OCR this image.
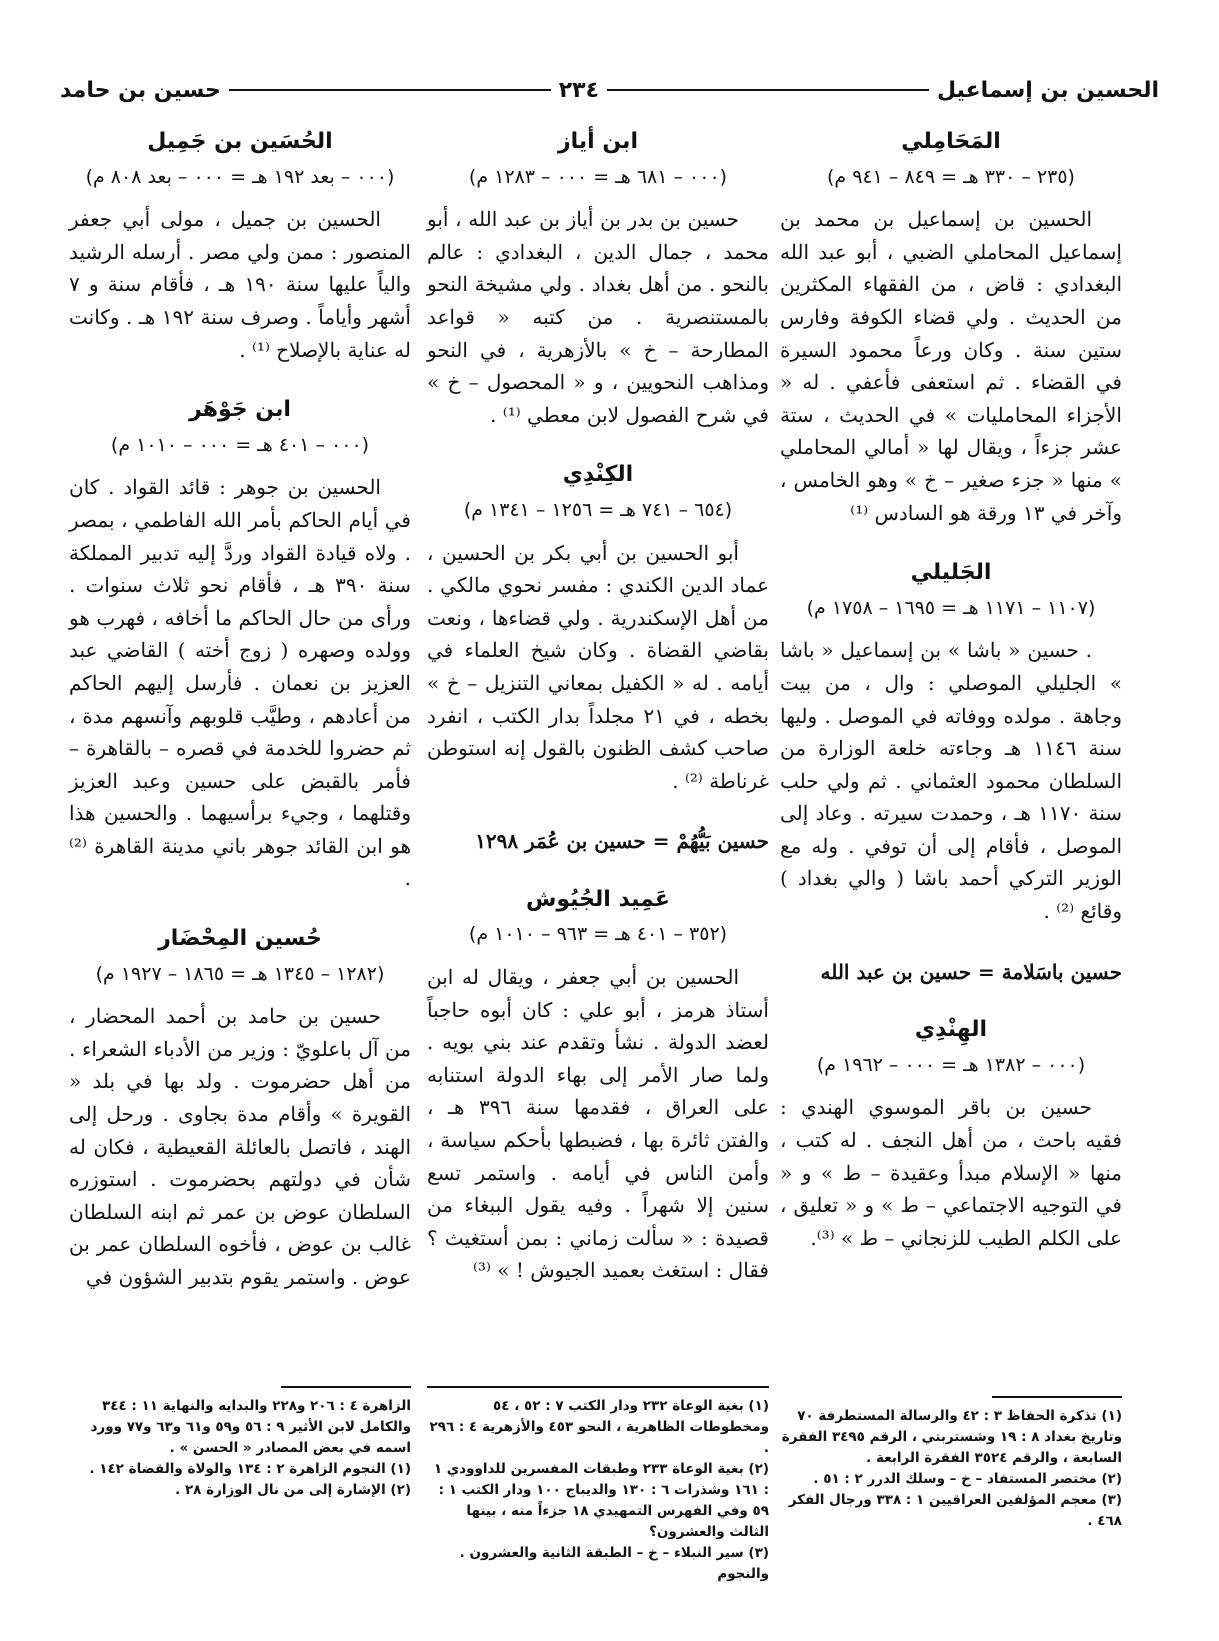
الحسين بن إسماعيل
٢٣٤
حسين بن حامد
المَحَامِلي
(٢٣٥ – ٣٣٠ هـ = ٨٤٩ – ٩٤١ م)

الحسين بن إسماعيل بن محمد بن إسماعيل المحاملي الضبي ، أبو عبد الله البغدادي : قاض ، من الفقهاء المكثرين من الحديث . ولي قضاء الكوفة وفارس ستين سنة . وكان ورعاً محمود السيرة في القضاء . ثم استعفى فأعفي . له « الأجزاء المحامليات » في الحديث ، ستة عشر جزءاً ، ويقال لها « أمالي المحاملي » منها « جزء صغير – خ » وهو الخامس ، وآخر في ١٣ ورقة هو السادس ⁽¹⁾

الجَليلي
(١١٠٧ – ١١٧١ هـ = ١٦٩٥ – ١٧٥٨ م)

. حسين « باشا » بن إسماعيل « باشا » الجليلي الموصلي : وال ، من بيت وجاهة . مولده ووفاته في الموصل . وليها سنة ١١٤٦ هـ وجاءته خلعة الوزارة من السلطان محمود العثماني . ثم ولي حلب سنة ١١٧٠ هـ ، وحمدت سيرته . وعاد إلى الموصل ، فأقام إلى أن توفي . وله مع الوزير التركي أحمد باشا ( والي بغداد ) وقائع ⁽²⁾ .

حسين باسَلامة = حسين بن عبد الله
الهِنْدِي
(٠٠٠ – ١٣٨٢ هـ = ٠٠٠ – ١٩٦٢ م)

حسين بن باقر الموسوي الهندي : فقيه باحث ، من أهل النجف . له كتب ، منها « الإسلام مبدأ وعقيدة – ط » و « في التوجيه الاجتماعي – ط » و « تعليق ، على الكلم الطيب للزنجاني – ط » ⁽³⁾.

ابن أياز
(٠٠٠ – ٦٨١ هـ = ٠٠٠ – ١٢٨٣ م)

حسين بن بدر بن أياز بن عبد الله ، أبو محمد ، جمال الدين ، البغدادي : عالم بالنحو . من أهل بغداد . ولي مشيخة النحو بالمستنصرية . من كتبه « قواعد المطارحة – خ » بالأزهرية ، في النحو ومذاهب النحويين ، و « المحصول – خ » في شرح الفصول لابن معطي ⁽¹⁾ .

الكِنْدِي
(٦٥٤ – ٧٤١ هـ = ١٢٥٦ – ١٣٤١ م)

أبو الحسين بن أبي بكر بن الحسين ، عماد الدين الكندي : مفسر نحوي مالكي . من أهل الإسكندرية . ولي قضاءها ، ونعت بقاضي القضاة . وكان شيخ العلماء في أيامه . له « الكفيل بمعاني التنزيل – خ » بخطه ، في ٢١ مجلداً بدار الكتب ، انفرد صاحب كشف الظنون بالقول إنه استوطن غرناطة ⁽²⁾ .

حسين بَيُّهُمْ = حسين بن عُمَر ١٢٩٨
عَمِيد الجُيُوش
(٣٥٢ – ٤٠١ هـ = ٩٦٣ – ١٠١٠ م)

الحسين بن أبي جعفر ، ويقال له ابن أستاذ هرمز ، أبو علي : كان أبوه حاجباً لعضد الدولة . نشأ وتقدم عند بني بويه . ولما صار الأمر إلى بهاء الدولة استنابه على العراق ، فقدمها سنة ٣٩٦ هـ ، والفتن ثائرة بها ، فضبطها بأحكم سياسة ، وأمن الناس في أيامه . واستمر تسع سنين إلا شهراً . وفيه يقول الببغاء من قصيدة : « سألت زماني : بمن أستغيث ؟ فقال : استغث بعميد الجيوش ! » ⁽³⁾

الحُسَين بن جَمِيل
(٠٠٠ – بعد ١٩٢ هـ = ٠٠٠ – بعد ٨٠٨ م)

الحسين بن جميل ، مولى أبي جعفر المنصور : ممن ولي مصر . أرسله الرشيد والياً عليها سنة ١٩٠ هـ ، فأقام سنة و ٧ أشهر وأياماً . وصرف سنة ١٩٢ هـ . وكانت له عناية بالإصلاح ⁽¹⁾ .

ابن جَوْهَر
(٠٠٠ – ٤٠١ هـ = ٠٠٠ – ١٠١٠ م)

الحسين بن جوهر : قائد القواد . كان في أيام الحاكم بأمر الله الفاطمي ، بمصر . ولاه قيادة القواد وردَّ إليه تدبير المملكة سنة ٣٩٠ هـ ، فأقام نحو ثلاث سنوات . ورأى من حال الحاكم ما أخافه ، فهرب هو وولده وصهره ( زوج أخته ) القاضي عبد العزيز بن نعمان . فأرسل إليهم الحاكم من أعادهم ، وطيَّب قلوبهم وآنسهم مدة ، ثم حضروا للخدمة في قصره – بالقاهرة – فأمر بالقبض على حسين وعبد العزيز وقتلهما ، وجيء برأسيهما . والحسين هذا هو ابن القائد جوهر باني مدينة القاهرة ⁽²⁾ .

حُسين المِحْضَار
(١٢٨٢ – ١٣٤٥ هـ = ١٨٦٥ – ١٩٢٧ م)

حسين بن حامد بن أحمد المحضار ، من آل باعلويّ : وزير من الأدباء الشعراء . من أهل حضرموت . ولد بها في بلد « القويرة » وأقام مدة بجاوى . ورحل إلى الهند ، فاتصل بالعائلة القعيطية ، فكان له شأن في دولتهم بحضرموت . استوزره السلطان عوض بن عمر ثم ابنه السلطان غالب بن عوض ، فأخوه السلطان عمر بن عوض . واستمر يقوم بتدبير الشؤون في

(١) تذكرة الحفاظ ٣ : ٤٢ والرسالة المستطرفة ٧٠ وتاريخ بغداد ٨ : ١٩ وشستربتي ، الرقم ٣٤٩٥ الفقرة السابعة ، والرقم ٣٥٢٤ الفقرة الرابعة .

(٢) مختصر المستفاد – خ – وسلك الدرر ٢ : ٥١ .

(٣) معجم المؤلفين العراقيين ١ : ٣٣٨ ورجال الفكر ٤٦٨ .

(١) بغية الوعاة ٢٣٢ ودار الكتب ٧ : ٥٢ ، ٥٤ ومخطوطات الظاهرية ، النحو ٤٥٣ والأزهرية ٤ : ٢٩٦ .

(٢) بغية الوعاة ٢٣٣ وطبقات المفسرين للداوودي ١ : ١٦١ وشذرات ٦ : ١٣٠ والديباج ١٠٠ ودار الكتب ١ : ٥٩ وفي الفهرس التمهيدي ١٨ جزءاً منه ، بينها الثالث والعشرون؟

(٣) سير النبلاء – خ – الطبقة الثانية والعشرون . والنجوم

الزاهرة ٤ : ٢٠٦ و٢٢٨ والبدايه والنهاية ١١ : ٣٤٤ والكامل لابن الأثير ٩ : ٥٦ و٥٩ و٦١ و٦٣ و٧٧ وورد اسمه في بعض المصادر « الحسن » .

(١) النجوم الزاهرة ٢ : ١٣٤ والولاة والقضاة ١٤٢ .

(٢) الإشارة إلى من نال الوزارة ٢٨ .
